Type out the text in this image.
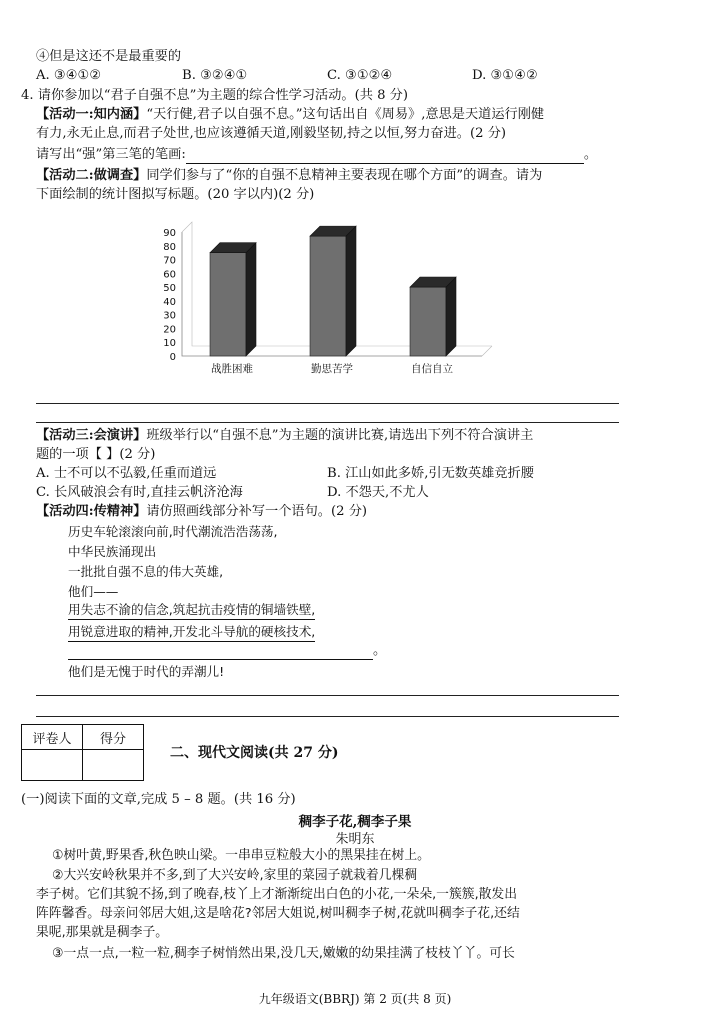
④但是这还不是最重要的
A. ③④①②	B. ③②④①	C. ③①②④	D. ③①④②
4. 请你参加以“君子自强不息”为主题的综合性学习活动。(共 8 分)
【活动一:知内涵】“天行健,君子以自强不息。”这句话出自《周易》,意思是天道运行刚健
有力,永无止息,而君子处世,也应该遵循天道,刚毅坚韧,持之以恒,努力奋进。(2 分)
请写出“强”第三笔的笔画:	。
【活动二:做调查】同学们参与了“你的自强不息精神主要表现在哪个方面”的调查。请为
下面绘制的统计图拟写标题。(20 字以内)(2 分)
0
10
20
30
40
50
60
70
80
90
战胜困难	勤思苦学	自信自立
【活动三:会演讲】班级举行以“自强不息”为主题的演讲比赛,请选出下列不符合演讲主
题的一项【 】(2 分)
A. 士不可以不弘毅,任重而道远	B. 江山如此多娇,引无数英雄竞折腰
C. 长风破浪会有时,直挂云帆济沧海	D. 不怨天,不尤人
【活动四:传精神】请仿照画线部分补写一个语句。(2 分)
历史车轮滚滚向前,时代潮流浩浩荡荡,
中华民族涌现出
一批批自强不息的伟大英雄,
他们——
用失志不渝的信念,筑起抗击疫情的铜墙铁壁,
用锐意进取的精神,开发北斗导航的硬核技术,
。
他们是无愧于时代的弄潮儿!
评卷人	得分

二、现代文阅读(共 27 分)
(一)阅读下面的文章,完成 5 – 8 题。(共 16 分)
稠李子花,稠李子果
朱明东
①树叶黄,野果香,秋色映山梁。一串串豆粒般大小的黑果挂在树上。
②大兴安岭秋果并不多,到了大兴安岭,家里的菜园子就栽着几棵稠
李子树。它们其貌不扬,到了晚春,枝丫上才渐渐绽出白色的小花,一朵朵,一簇簇,散发出
阵阵馨香。母亲问邻居大姐,这是啥花?邻居大姐说,树叫稠李子树,花就叫稠李子花,还结
果呢,那果就是稠李子。
③一点一点,一粒一粒,稠李子树悄然出果,没几天,嫩嫩的幼果挂满了枝枝丫丫。可长
九年级语文(BBRJ) 第 2 页(共 8 页)
